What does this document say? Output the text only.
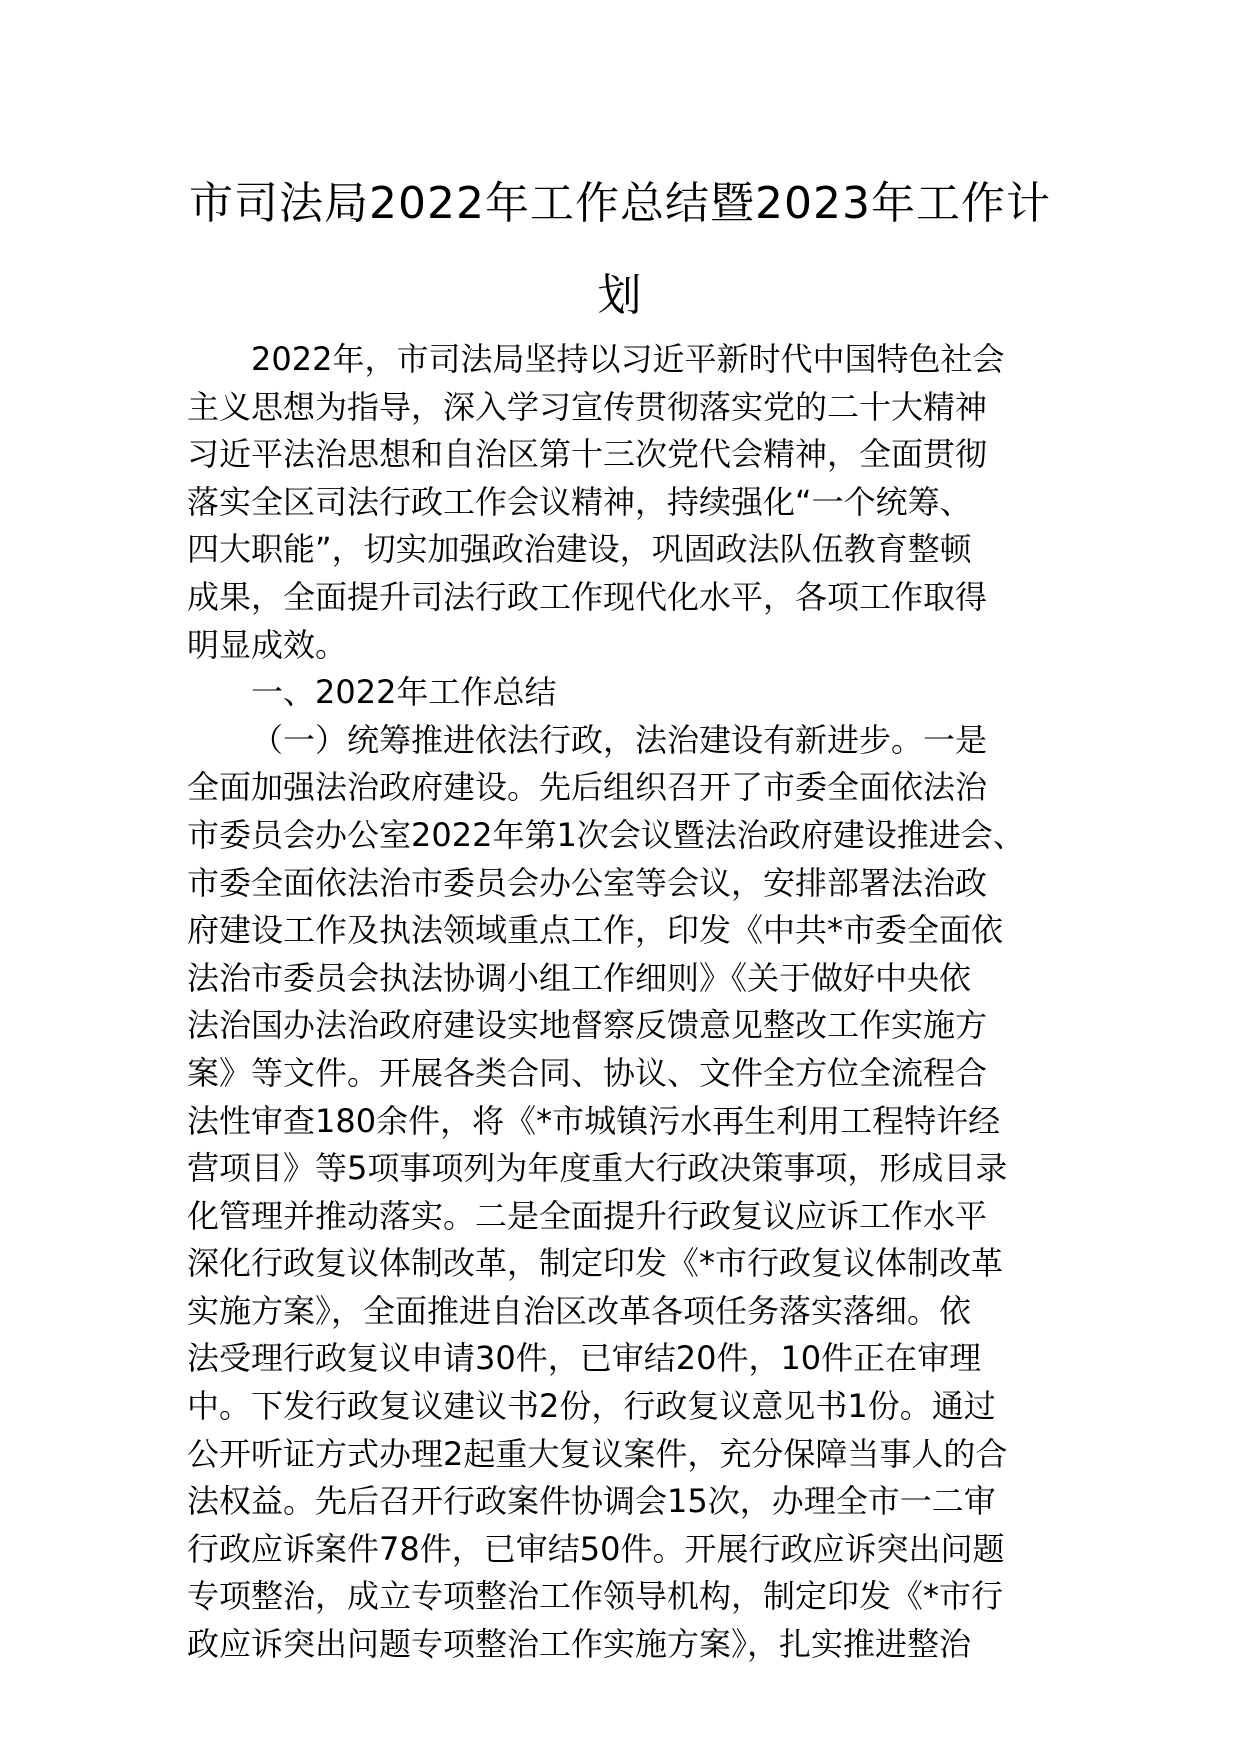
市司法局2022年工作总结暨2023年工作计
划

2022年，市司法局坚持以习近平新时代中国特色社会
主义思想为指导，深入学习宣传贯彻落实党的二十大精神
习近平法治思想和自治区第十三次党代会精神，全面贯彻
落实全区司法行政工作会议精神，持续强化“一个统筹、
四大职能”，切实加强政治建设，巩固政法队伍教育整顿
成果，全面提升司法行政工作现代化水平，各项工作取得
明显成效。

一、2022年工作总结

（一）统筹推进依法行政，法治建设有新进步。一是
全面加强法治政府建设。先后组织召开了市委全面依法治
市委员会办公室2022年第1次会议暨法治政府建设推进会、
市委全面依法治市委员会办公室等会议，安排部署法治政
府建设工作及执法领域重点工作，印发《中共*市委全面依
法治市委员会执法协调小组工作细则》《关于做好中央依
法治国办法治政府建设实地督察反馈意见整改工作实施方
案》等文件。开展各类合同、协议、文件全方位全流程合
法性审查180余件，将《*市城镇污水再生利用工程特许经
营项目》等5项事项列为年度重大行政决策事项，形成目录
化管理并推动落实。二是全面提升行政复议应诉工作水平
深化行政复议体制改革，制定印发《*市行政复议体制改革
实施方案》，全面推进自治区改革各项任务落实落细。依
法受理行政复议申请30件，已审结20件，10件正在审理
中。下发行政复议建议书2份，行政复议意见书1份。通过
公开听证方式办理2起重大复议案件，充分保障当事人的合
法权益。先后召开行政案件协调会15次，办理全市一二审
行政应诉案件78件，已审结50件。开展行政应诉突出问题
专项整治，成立专项整治工作领导机构，制定印发《*市行
政应诉突出问题专项整治工作实施方案》，扎实推进整治
